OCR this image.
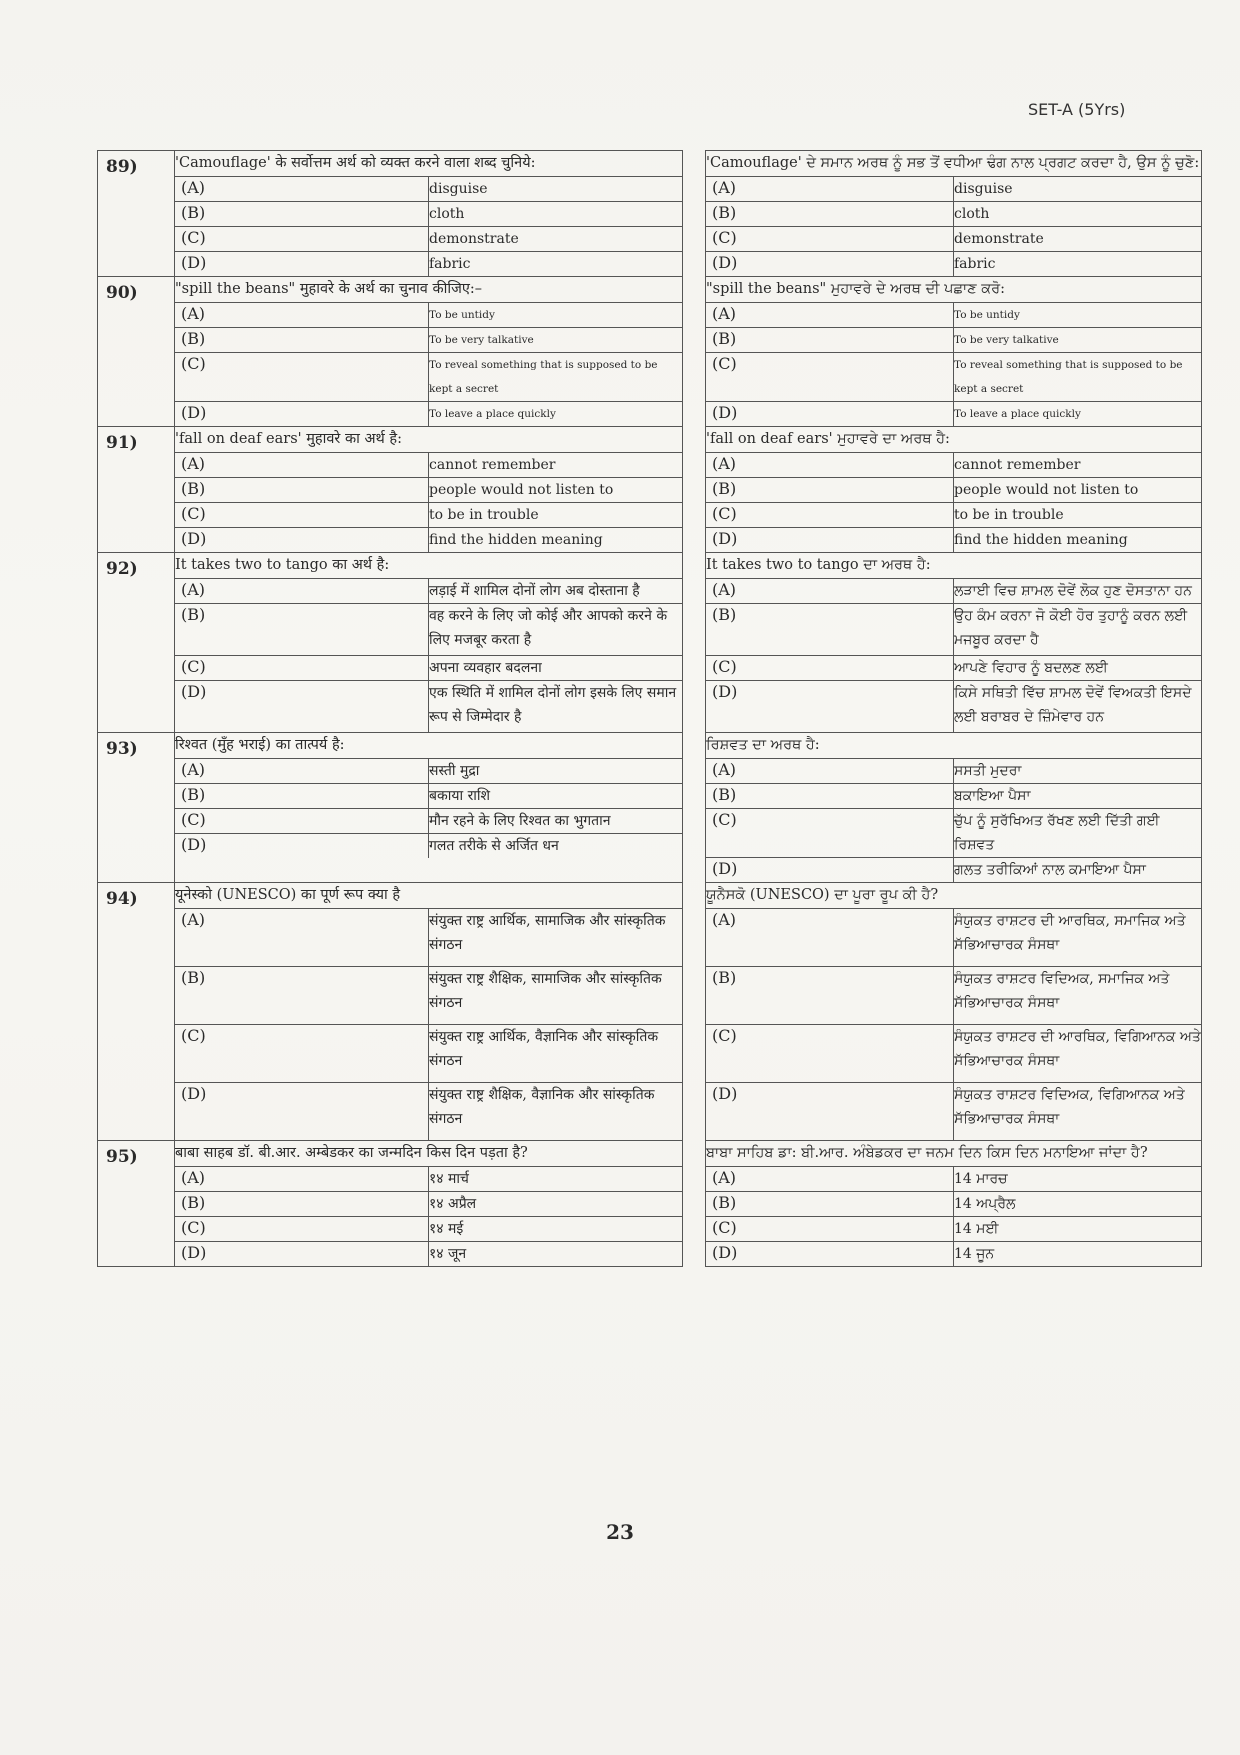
SET-A (5Yrs)
89)		'Camouflage' के सर्वोत्तम अर्थ को व्यक्त करने वाला शब्द चुनिये:
(A)	disguise
(B)	cloth
(C)	demonstrate
(D)	fabric

'Camouflage' ਦੇ ਸਮਾਨ ਅਰਥ ਨੂੰ ਸਭ ਤੋਂ ਵਧੀਆ ਢੰਗ ਨਾਲ ਪ੍ਰਗਟ ਕਰਦਾ ਹੈ, ਉਸ ਨੂੰ ਚੁਣੋ:
(A)	disguise
(B)	cloth
(C)	demonstrate
(D)	fabric

90)		"spill the beans" मुहावरे के अर्थ का चुनाव कीजिए:–
(A)	To be untidy
(B)	To be very talkative
(C)	To reveal something that is supposed to be kept a secret
(D)	To leave a place quickly

"spill the beans" ਮੁਹਾਵਰੇ ਦੇ ਅਰਥ ਦੀ ਪਛਾਣ ਕਰੋ:
(A)	To be untidy
(B)	To be very talkative
(C)	To reveal something that is supposed to be kept a secret
(D)	To leave a place quickly

91)		'fall on deaf ears' मुहावरे का अर्थ है:
(A)	cannot remember
(B)	people would not listen to
(C)	to be in trouble
(D)	find the hidden meaning

'fall on deaf ears' ਮੁਹਾਵਰੇ ਦਾ ਅਰਥ ਹੈ:
(A)	cannot remember
(B)	people would not listen to
(C)	to be in trouble
(D)	find the hidden meaning

92)		It takes two to tango का अर्थ है:
(A)	लड़ाई में शामिल दोनों लोग अब दोस्ताना है
(B)	वह करने के लिए जो कोई और आपको करने के लिए मजबूर करता है
(C)	अपना व्यवहार बदलना
(D)	एक स्थिति में शामिल दोनों लोग इसके लिए समान रूप से जिम्मेदार है

It takes two to tango ਦਾ ਅਰਥ ਹੈ:
(A)	ਲੜਾਈ ਵਿਚ ਸ਼ਾਮਲ ਦੋਵੇਂ ਲੋਕ ਹੁਣ ਦੋਸਤਾਨਾ ਹਨ
(B)	ਉਹ ਕੰਮ ਕਰਨਾ ਜੋ ਕੋਈ ਹੋਰ ਤੁਹਾਨੂੰ ਕਰਨ ਲਈ ਮਜਬੂਰ ਕਰਦਾ ਹੈ
(C)	ਆਪਣੇ ਵਿਹਾਰ ਨੂੰ ਬਦਲਣ ਲਈ
(D)	ਕਿਸੇ ਸਥਿਤੀ ਵਿੱਚ ਸ਼ਾਮਲ ਦੋਵੇਂ ਵਿਅਕਤੀ ਇਸਦੇ ਲਈ ਬਰਾਬਰ ਦੇ ਜ਼ਿੰਮੇਵਾਰ ਹਨ

93)		रिश्वत (मुँह भराई) का तात्पर्य है:
(A)	सस्ती मुद्रा
(B)	बकाया राशि
(C)	मौन रहने के लिए रिश्वत का भुगतान
(D)	गलत तरीके से अर्जित धन

ਰਿਸ਼ਵਤ ਦਾ ਅਰਥ ਹੈ:
(A)	ਸਸਤੀ ਮੁਦਰਾ
(B)	ਬਕਾਇਆ ਪੈਸਾ
(C)	ਚੁੱਪ ਨੂੰ ਸੁਰੱਖਿਅਤ ਰੱਖਣ ਲਈ ਦਿੱਤੀ ਗਈ ਰਿਸ਼ਵਤ
(D)	ਗਲਤ ਤਰੀਕਿਆਂ ਨਾਲ ਕਮਾਇਆ ਪੈਸਾ

94)		यूनेस्को (UNESCO) का पूर्ण रूप क्या है
(A)	संयुक्त राष्ट्र आर्थिक, सामाजिक और सांस्कृतिक संगठन
(B)	संयुक्त राष्ट्र शैक्षिक, सामाजिक और सांस्कृतिक संगठन
(C)	संयुक्त राष्ट्र आर्थिक, वैज्ञानिक और सांस्कृतिक संगठन
(D)	संयुक्त राष्ट्र शैक्षिक, वैज्ञानिक और सांस्कृतिक संगठन

ਯੂਨੈਸਕੋ (UNESCO) ਦਾ ਪੂਰਾ ਰੂਪ ਕੀ ਹੈ?
(A)	ਸੰਯੁਕਤ ਰਾਸ਼ਟਰ ਦੀ ਆਰਥਿਕ, ਸਮਾਜਿਕ ਅਤੇ ਸੱਭਿਆਚਾਰਕ ਸੰਸਥਾ
(B)	ਸੰਯੁਕਤ ਰਾਸ਼ਟਰ ਵਿਦਿਅਕ, ਸਮਾਜਿਕ ਅਤੇ ਸੱਭਿਆਚਾਰਕ ਸੰਸਥਾ
(C)	ਸੰਯੁਕਤ ਰਾਸ਼ਟਰ ਦੀ ਆਰਥਿਕ, ਵਿਗਿਆਨਕ ਅਤੇ ਸੱਭਿਆਚਾਰਕ ਸੰਸਥਾ
(D)	ਸੰਯੁਕਤ ਰਾਸ਼ਟਰ ਵਿਦਿਅਕ, ਵਿਗਿਆਨਕ ਅਤੇ ਸੱਭਿਆਚਾਰਕ ਸੰਸਥਾ

95)		बाबा साहब डॉ. बी.आर. अम्बेडकर का जन्मदिन किस दिन पड़ता है?
(A)	१४ मार्च
(B)	१४ अप्रैल
(C)	१४ मई
(D)	१४ जून

ਬਾਬਾ ਸਾਹਿਬ ਡਾ: ਬੀ.ਆਰ. ਅੰਬੇਡਕਰ ਦਾ ਜਨਮ ਦਿਨ ਕਿਸ ਦਿਨ ਮਨਾਇਆ ਜਾਂਦਾ ਹੈ?
(A)	14 ਮਾਰਚ
(B)	14 ਅਪ੍ਰੈਲ
(C)	14 ਮਈ
(D)	14 ਜੂਨ
23
